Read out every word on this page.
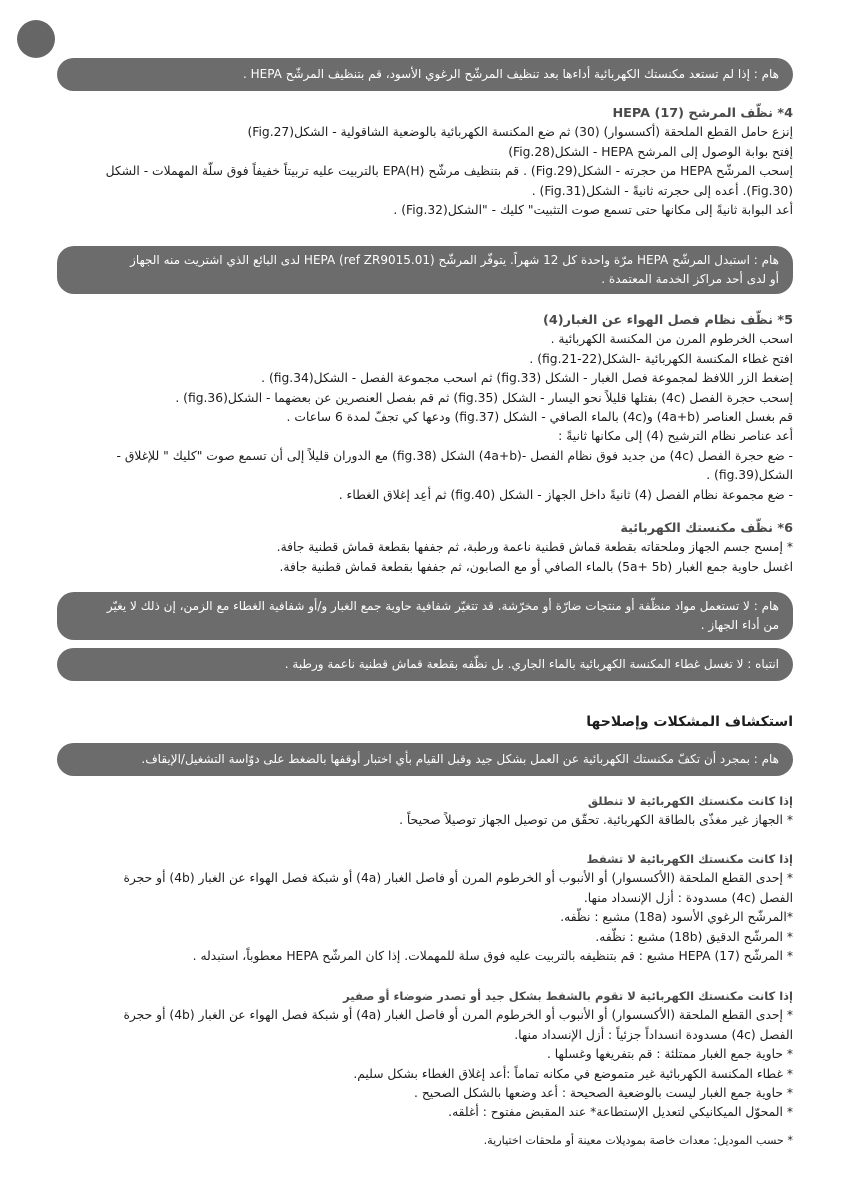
هام : إذا لم تستعد مكنستك الكهربائية أداءها بعد تنظيف المرشّح الرغوي الأسود، قم بتنظيف المرشّح HEPA .

4* نظّف المرشح (17) HEPA

إنزع حامل القطع الملحقة (أكسسوار) (30) ثم ضع المكنسة الكهربائية بالوضعية الشاقولية - الشكل(Fig.27)

إفتح بوابة الوصول إلى المرشح HEPA - الشكل(Fig.28)

إسحب المرشّح HEPA من حجرته - الشكل(Fig.29) . قم بتنظيف مرشّح EPA(H) بالتربيت عليه تربيتاً خفيفاً فوق سلّة المهملات - الشكل

(Fig.30). أعده إلى حجرته ثانيةً - الشكل(Fig.31) .

أعد البوابة ثانيةً إلى مكانها حتى تسمع صوت التثبيت" كليك - "الشكل(Fig.32) .

هام : استبدل المرشّح HEPA مرّة واحدة كل 12 شهراً. يتوفّر المرشّح (ref ZR9015.01) HEPA لدى البائع الذي اشتريت منه الجهاز
أو لدى أحد مراكز الخدمة المعتمدة .

5* نظّف نظام فصل الهواء عن الغبار(4)

اسحب الخرطوم المرن من المكنسة الكهربائية .

افتح غطاء المكنسة الكهربائية -الشكل(22-21.fig) .

إضغط الزر اللافظ لمجموعة فصل الغبار - الشكل (fig.33) ثم اسحب مجموعة الفصل - الشكل(fig.34) .

إسحب حجرة الفصل (4c) بفتلها قليلاً نحو اليسار - الشكل (fig.35) ثم قم بفصل العنصرين عن بعضهما - الشكل(fig.36) .

قم بغسل العناصر (4a+b) و(4c) بالماء الصافي - الشكل (fig.37) ودعها كي تجفّ لمدة 6 ساعات .

أعد عناصر نظام الترشيح (4) إلى مكانها ثانيةً :

- ضع حجرة الفصل (4c) من جديد فوق نظام الفصل -(4a+b) الشكل (fig.38) مع الدوران قليلاً إلى أن تسمع صوت "كليك " للإغلاق -

الشكل(fig.39) .

- ضع مجموعة نظام الفصل (4) ثانيةً داخل الجهاز - الشكل (fig.40) ثم أعِد إغلاق الغطاء .

6* نظّف مكنستك الكهربائية

* إمسح جسم الجهاز وملحقاته بقطعة قماش قطنية ناعمة ورطبة، ثم جففها بقطعة قماش قطنية جافة.

اغسل حاوية جمع الغبار (5a+ 5b) بالماء الصافي أو مع الصابون، ثم جففها بقطعة قماش قطنية جافة.

هام : لا تستعمل مواد منظّفة أو منتجات ضارّة أو مخرّشة. قد تتغيّر شفافية حاوية جمع الغبار و/أو شفافية الغطاء مع الزمن، إن ذلك لا يغيّر
من أداء الجهاز .
انتباه : لا تغسل غطاء المكنسة الكهربائية بالماء الجاري. بل نظّفه بقطعة قماش قطنية ناعمة ورطبة .
استكشاف المشكلات وإصلاحها
هام : بمجرد أن تكفّ مكنستك الكهربائية عن العمل بشكل جيد وقبل القيام بأي اختبار أوقفها بالضغط على دوّاسة التشغيل/الإيقاف.

إذا كانت مكنستك الكهربائية لا تنطلق

* الجهاز غير مغذّى بالطاقة الكهربائية. تحقّق من توصيل الجهاز توصيلاً صحيحاً .

إذا كانت مكنستك الكهربائية لا تشفط

* إحدى القطع الملحقة (الأكسسوار) أو الأنبوب أو الخرطوم المرن أو فاصل الغبار (4a) أو شبكة فصل الهواء عن الغبار (4b) أو حجرة

الفصل (4c) مسدودة : أزل الإنسداد منها.

*المرشّح الرغوي الأسود (18a) مشبع : نظّفه.

* المرشّح الدقيق (18b) مشبع : نظّفه.

* المرشّح (17) HEPA مشبع : قم بتنظيفه بالتربيت عليه فوق سلة للمهملات. إذا كان المرشّح HEPA معطوباً، استبدله .

إذا كانت مكنستك الكهربائية لا تقوم بالشفط بشكل جيد أو تصدر ضوضاء أو صفير

* إحدى القطع الملحقة (الأكسسوار) أو الأنبوب أو الخرطوم المرن أو فاصل الغبار (4a) أو شبكة فصل الهواء عن الغبار (4b) أو حجرة

الفصل (4c) مسدودة انسداداً جزئياً : أزل الإنسداد منها.

* حاوية جمع الغبار ممتلئة : قم بتفريغها وغسلها .

* غطاء المكنسة الكهربائية غير متموضع في مكانه تماماً :أعد إغلاق الغطاء بشكل سليم.

* حاوية جمع الغبار ليست بالوضعية الصحيحة : أعد وضعها بالشكل الصحيح .

* المحوّل الميكانيكي لتعديل الإستطاعة* عند المقبض مفتوح : أغلقه.

* حسب الموديل: معدات خاصة بموديلات معينة أو ملحقات اختيارية.
